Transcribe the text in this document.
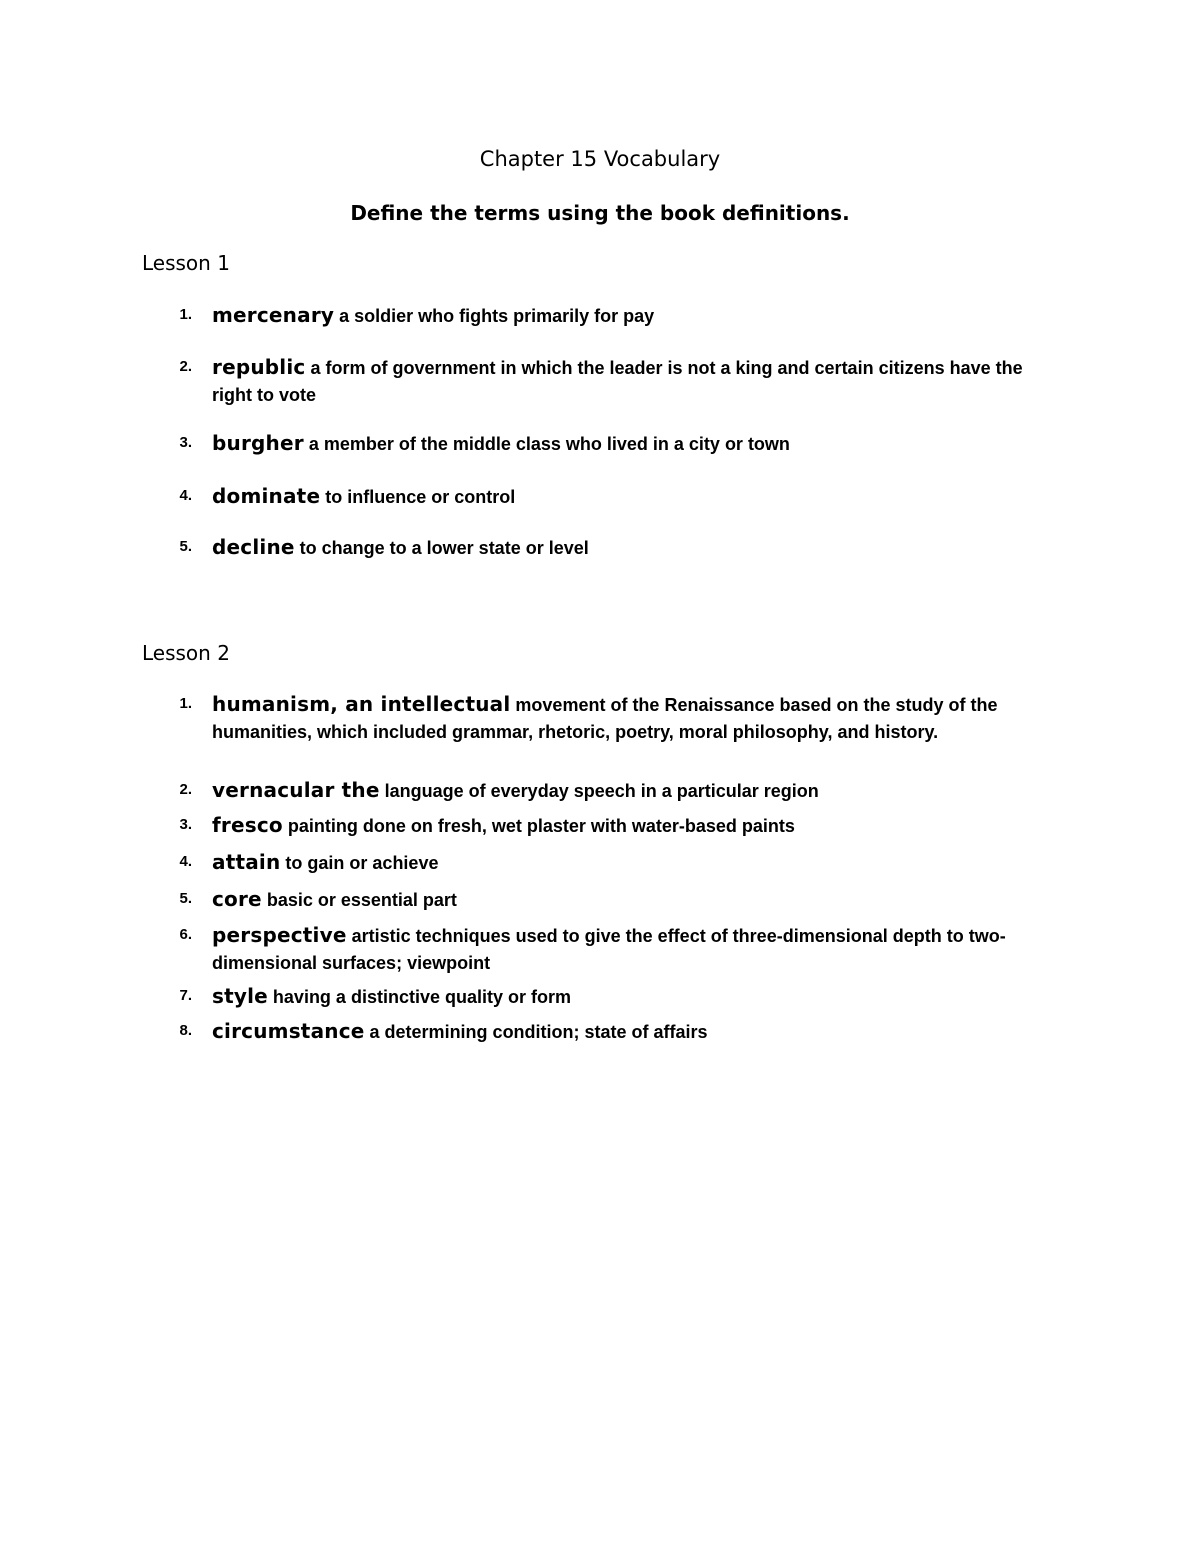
Chapter 15 Vocabulary
Define the terms using the book definitions.
Lesson 1
1. mercenary a soldier who fights primarily for pay
2. republic a form of government in which the leader is not a king and certain citizens have the right to vote
3. burgher a member of the middle class who lived in a city or town
4. dominate to influence or control
5. decline to change to a lower state or level
Lesson 2
1. humanism, an intellectual movement of the Renaissance based on the study of the humanities, which included grammar, rhetoric, poetry, moral philosophy, and history.
2. vernacular the language of everyday speech in a particular region
3. fresco painting done on fresh, wet plaster with water-based paints
4. attain to gain or achieve
5. core basic or essential part
6. perspective artistic techniques used to give the effect of three-dimensional depth to two-dimensional surfaces; viewpoint
7. style having a distinctive quality or form
8. circumstance a determining condition; state of affairs
